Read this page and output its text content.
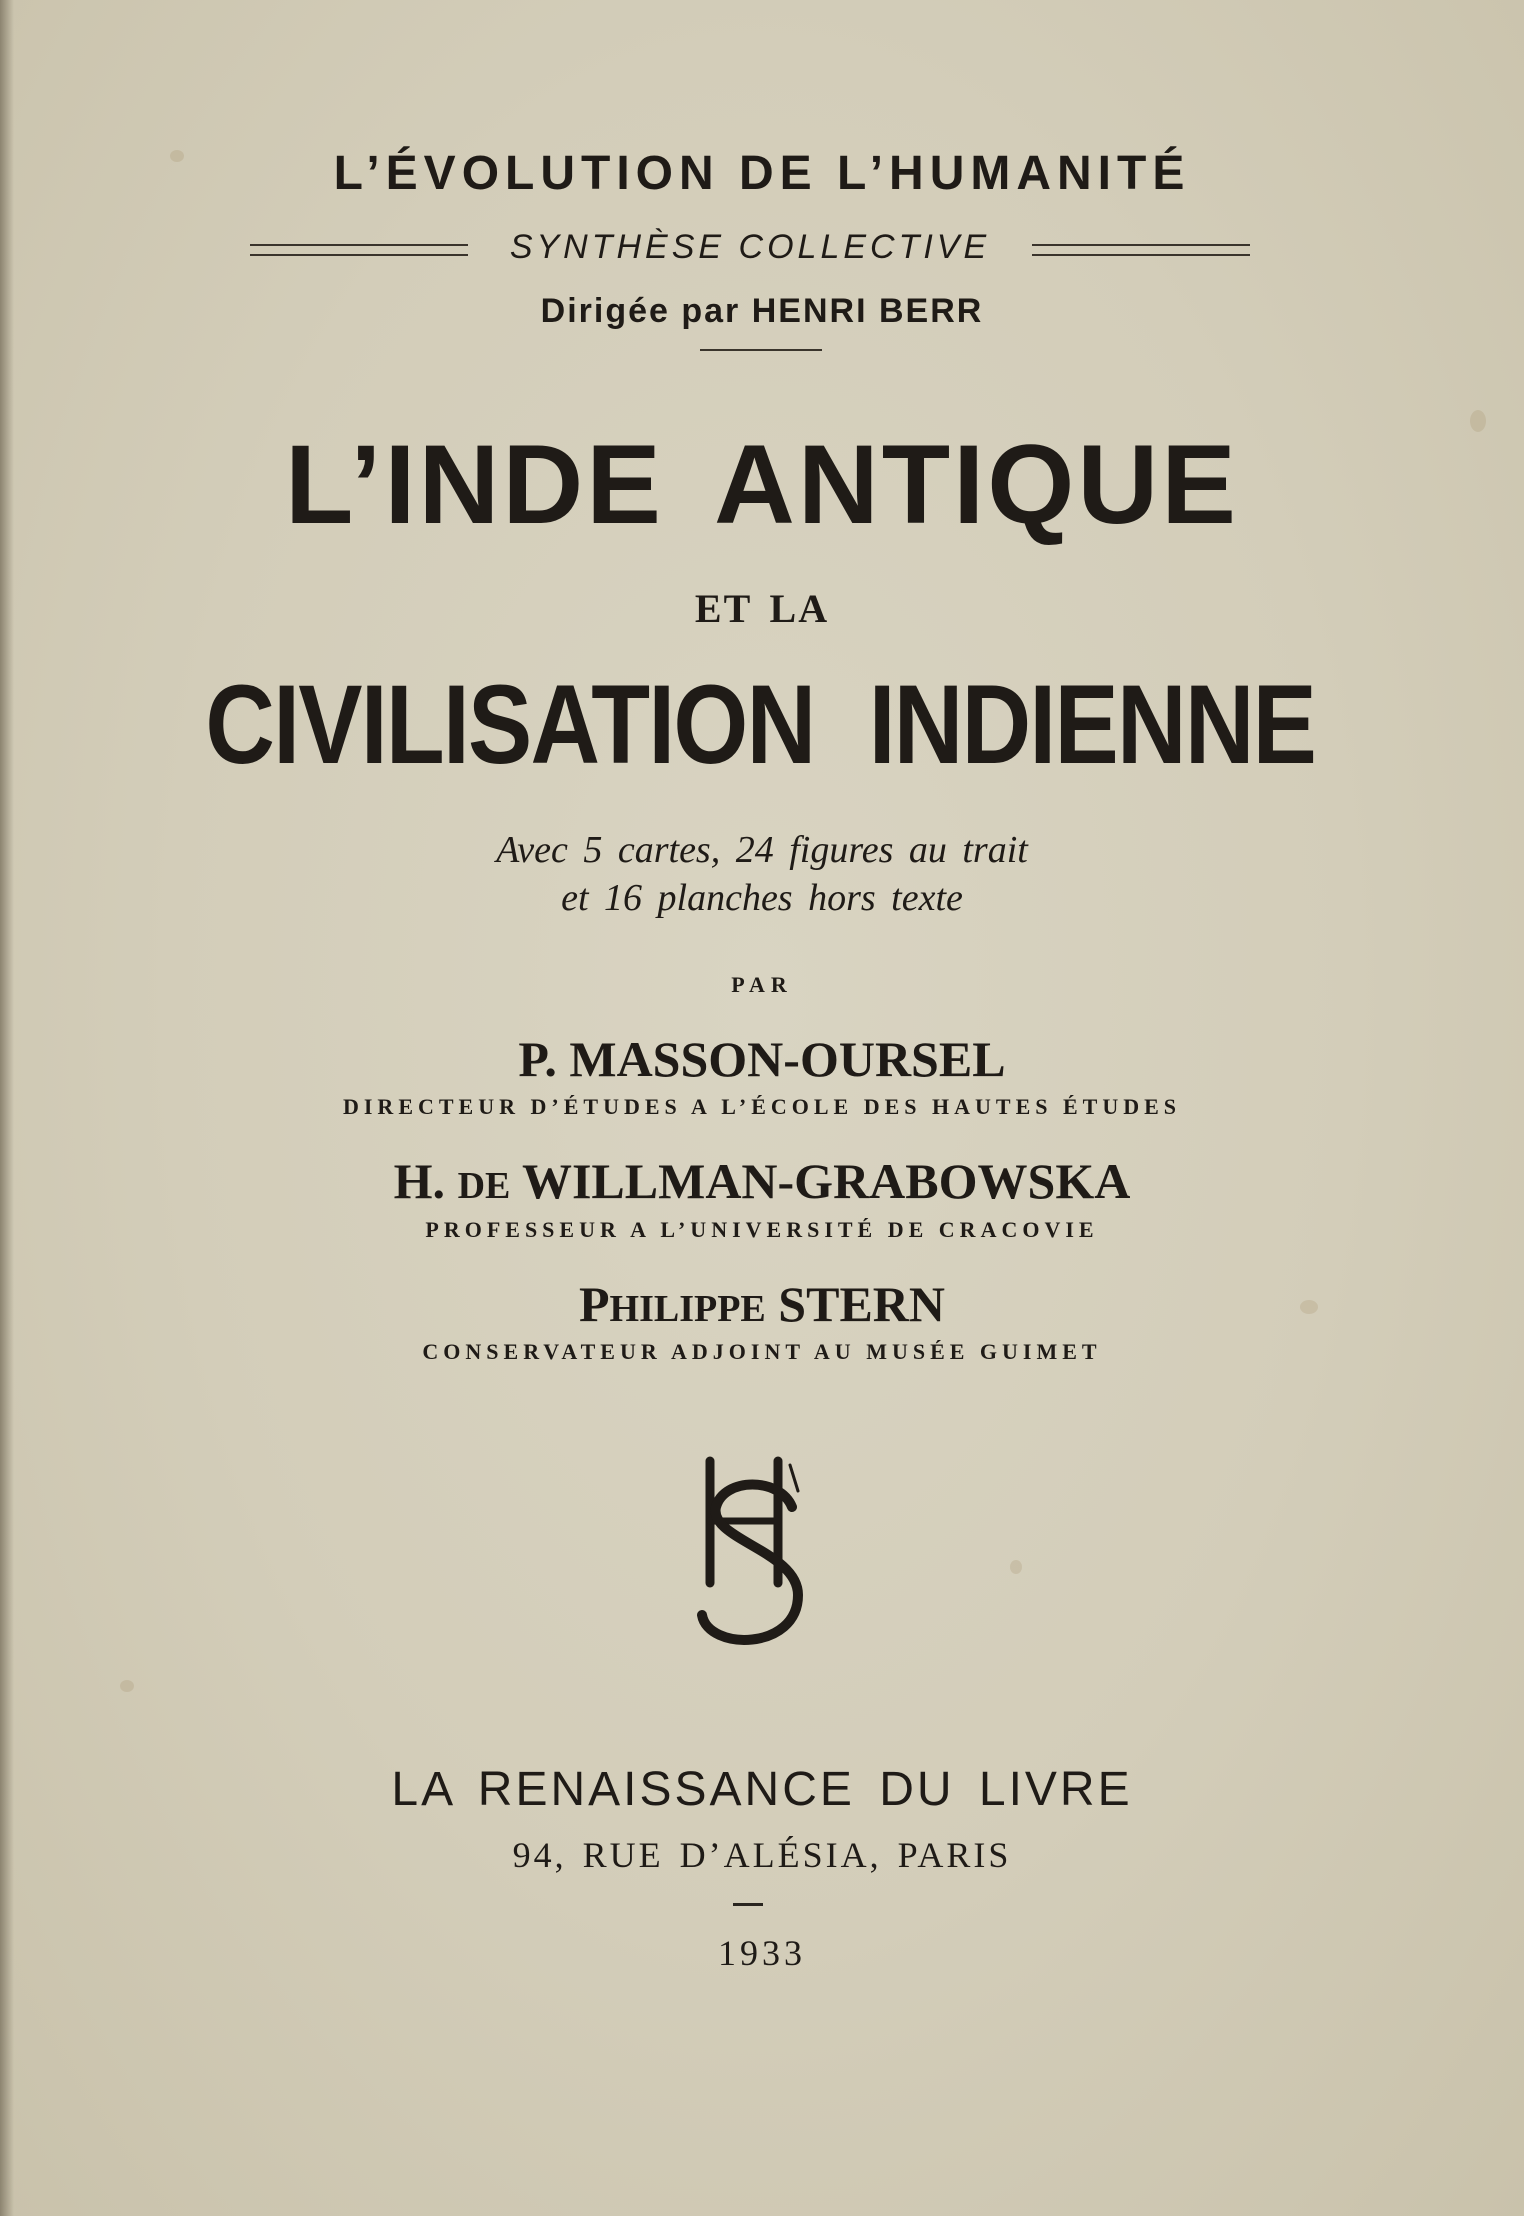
L’ÉVOLUTION DE L’HUMANITÉ
SYNTHÈSE COLLECTIVE
Dirigée par HENRI BERR
L’INDE ANTIQUE
ET LA
CIVILISATION INDIENNE
Avec 5 cartes, 24 figures au trait
et 16 planches hors texte
PAR
P. MASSON-OURSEL
DIRECTEUR D’ÉTUDES A L’ÉCOLE DES HAUTES ÉTUDES
H. DE WILLMAN-GRABOWSKA
PROFESSEUR A L’UNIVERSITÉ DE CRACOVIE
PHILIPPE STERN
CONSERVATEUR ADJOINT AU MUSÉE GUIMET
LA RENAISSANCE DU LIVRE
94, RUE D’ALÉSIA, PARIS
1933
